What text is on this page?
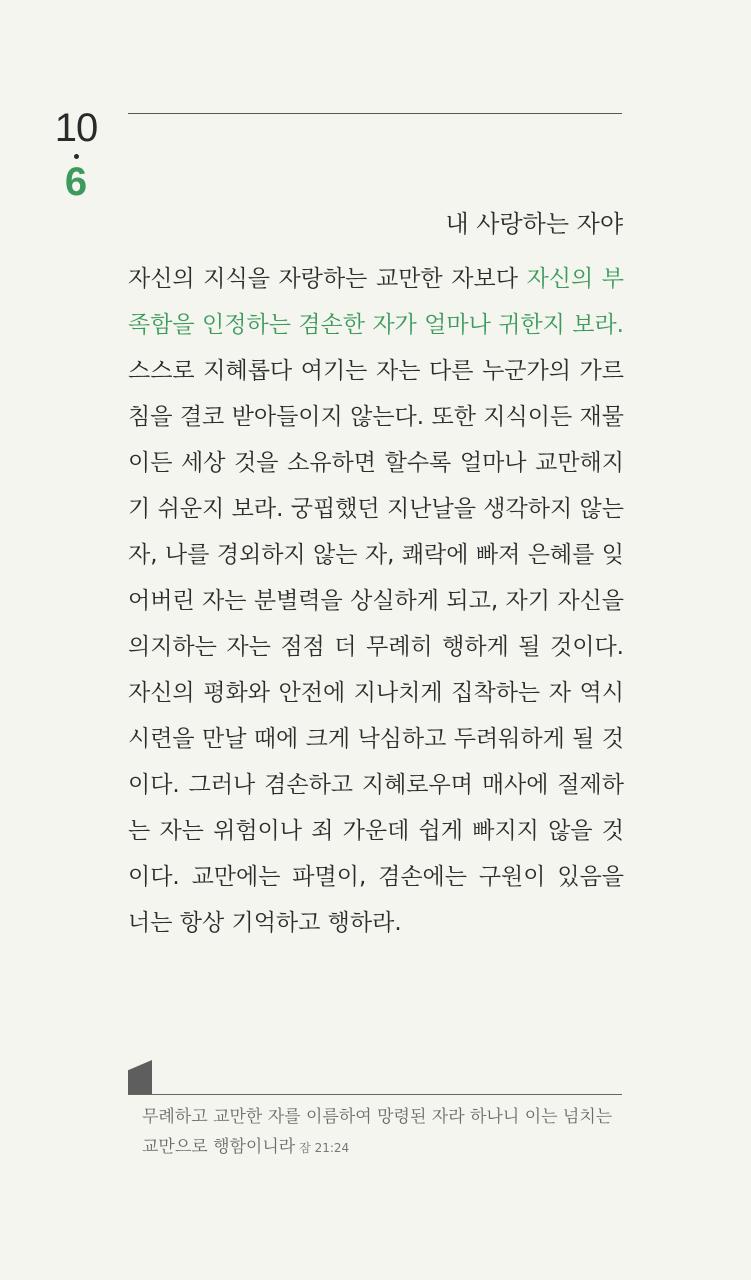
10
6
내 사랑하는 자야
자신의 지식을 자랑하는 교만한 자보다 자신의 부
족함을 인정하는 겸손한 자가 얼마나 귀한지 보라.
스스로 지혜롭다 여기는 자는 다른 누군가의 가르
침을 결코 받아들이지 않는다. 또한 지식이든 재물
이든 세상 것을 소유하면 할수록 얼마나 교만해지
기 쉬운지 보라. 궁핍했던 지난날을 생각하지 않는
자, 나를 경외하지 않는 자, 쾌락에 빠져 은혜를 잊
어버린 자는 분별력을 상실하게 되고, 자기 자신을
의지하는 자는 점점 더 무례히 행하게 될 것이다.
자신의 평화와 안전에 지나치게 집착하는 자 역시
시련을 만날 때에 크게 낙심하고 두려워하게 될 것
이다. 그러나 겸손하고 지혜로우며 매사에 절제하
는 자는 위험이나 죄 가운데 쉽게 빠지지 않을 것
이다. 교만에는 파멸이, 겸손에는 구원이 있음을
너는 항상 기억하고 행하라.
무례하고 교만한 자를 이름하여 망령된 자라 하나니 이는 넘치는
교만으로 행함이니라 잠 21:24
